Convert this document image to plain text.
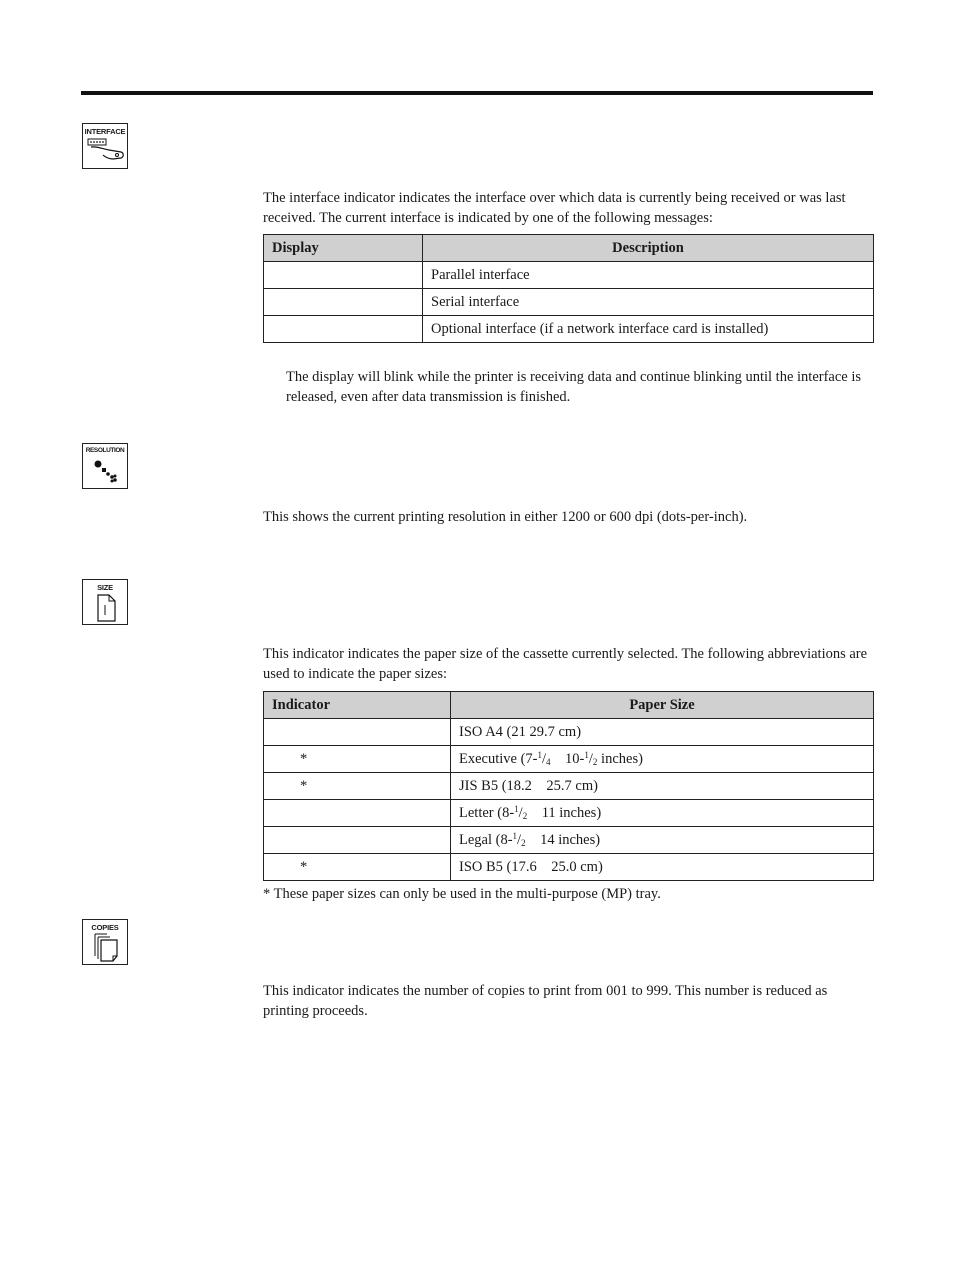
INTERFACE

The interface indicator indicates the interface over which data is currently being received or was last received. The current interface is indicated by one of the following messages:

Display	Description
	Parallel interface
	Serial interface
	Optional interface (if a network interface card is installed)

The display will blink while the printer is receiving data and continue blinking until the interface is released, even after data transmission is finished.

RESOLUTION

This shows the current printing resolution in either 1200 or 600 dpi (dots-per-inch).

SIZE

This indicator indicates the paper size of the cassette currently selected. The following abbreviations are used to indicate the paper sizes:

Indicator	Paper Size
	ISO A4 (21 29.7 cm)
*	Executive ($7-^1/_4$    $10-^1/_2$ inches)
*	JIS B5 (18.2    25.7 cm)
	Letter ($8-^1/_2$    11 inches)
	Legal ($8-^1/_2$    14 inches)
*	ISO B5 (17.6    25.0 cm)
* These paper sizes can only be used in the multi-purpose (MP) tray.
COPIES

This indicator indicates the number of copies to print from 001 to 999. This number is reduced as printing proceeds.
